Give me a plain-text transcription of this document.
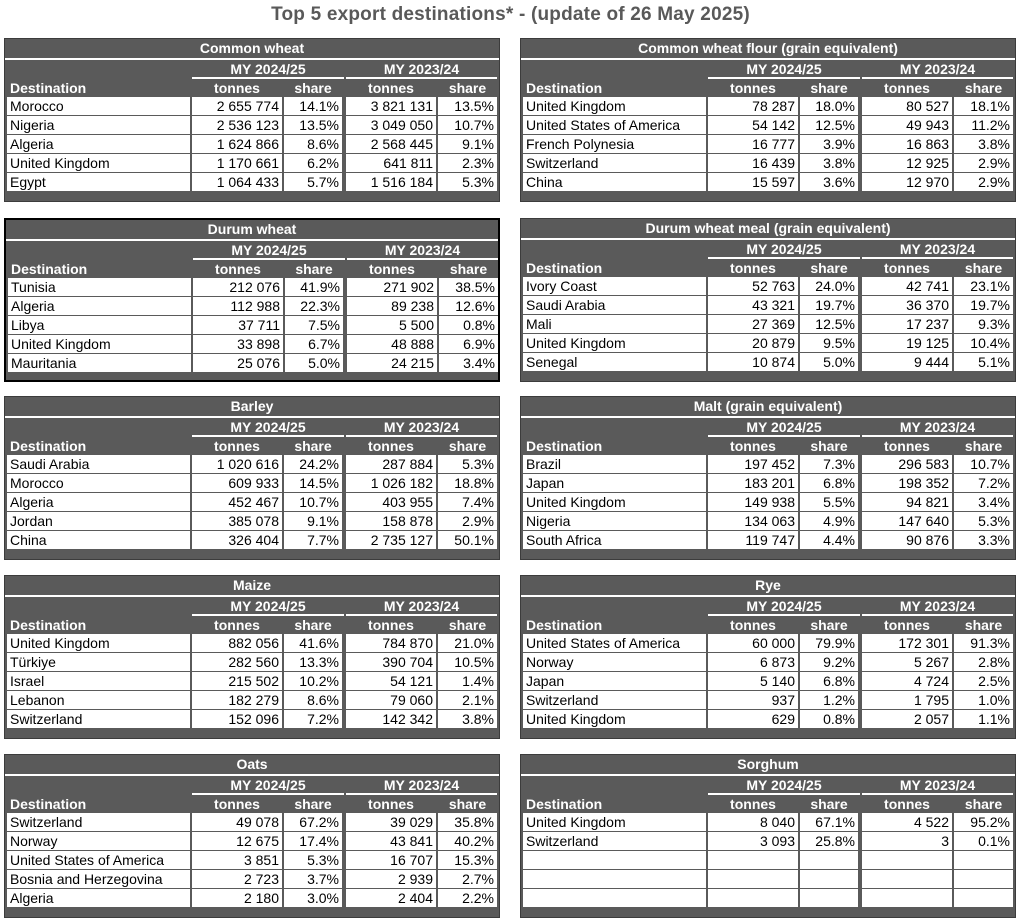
Top 5 export destinations* - (update of 26 May 2025)
Common wheat
MY 2024/25	MY 2023/24
Destination	tonnes	share	tonnes	share
Morocco	2 655 774	14.1%	3 821 131	13.5%
Nigeria	2 536 123	13.5%	3 049 050	10.7%
Algeria	1 624 866	8.6%	2 568 445	9.1%
United Kingdom	1 170 661	6.2%	641 811	2.3%
Egypt	1 064 433	5.7%	1 516 184	5.3%
Common wheat flour (grain equivalent)
MY 2024/25	MY 2023/24
Destination	tonnes	share	tonnes	share
United Kingdom	78 287	18.0%	80 527	18.1%
United States of America	54 142	12.5%	49 943	11.2%
French Polynesia	16 777	3.9%	16 863	3.8%
Switzerland	16 439	3.8%	12 925	2.9%
China	15 597	3.6%	12 970	2.9%
Durum wheat
MY 2024/25	MY 2023/24
Destination	tonnes	share	tonnes	share
Tunisia	212 076	41.9%	271 902	38.5%
Algeria	112 988	22.3%	89 238	12.6%
Libya	37 711	7.5%	5 500	0.8%
United Kingdom	33 898	6.7%	48 888	6.9%
Mauritania	25 076	5.0%	24 215	3.4%
Durum wheat meal (grain equivalent)
MY 2024/25	MY 2023/24
Destination	tonnes	share	tonnes	share
Ivory Coast	52 763	24.0%	42 741	23.1%
Saudi Arabia	43 321	19.7%	36 370	19.7%
Mali	27 369	12.5%	17 237	9.3%
United Kingdom	20 879	9.5%	19 125	10.4%
Senegal	10 874	5.0%	9 444	5.1%
Barley
MY 2024/25	MY 2023/24
Destination	tonnes	share	tonnes	share
Saudi Arabia	1 020 616	24.2%	287 884	5.3%
Morocco	609 933	14.5%	1 026 182	18.8%
Algeria	452 467	10.7%	403 955	7.4%
Jordan	385 078	9.1%	158 878	2.9%
China	326 404	7.7%	2 735 127	50.1%
Malt (grain equivalent)
MY 2024/25	MY 2023/24
Destination	tonnes	share	tonnes	share
Brazil	197 452	7.3%	296 583	10.7%
Japan	183 201	6.8%	198 352	7.2%
United Kingdom	149 938	5.5%	94 821	3.4%
Nigeria	134 063	4.9%	147 640	5.3%
South Africa	119 747	4.4%	90 876	3.3%
Maize
MY 2024/25	MY 2023/24
Destination	tonnes	share	tonnes	share
United Kingdom	882 056	41.6%	784 870	21.0%
Türkiye	282 560	13.3%	390 704	10.5%
Israel	215 502	10.2%	54 121	1.4%
Lebanon	182 279	8.6%	79 060	2.1%
Switzerland	152 096	7.2%	142 342	3.8%
Rye
MY 2024/25	MY 2023/24
Destination	tonnes	share	tonnes	share
United States of America	60 000	79.9%	172 301	91.3%
Norway	6 873	9.2%	5 267	2.8%
Japan	5 140	6.8%	4 724	2.5%
Switzerland	937	1.2%	1 795	1.0%
United Kingdom	629	0.8%	2 057	1.1%
Oats
MY 2024/25	MY 2023/24
Destination	tonnes	share	tonnes	share
Switzerland	49 078	67.2%	39 029	35.8%
Norway	12 675	17.4%	43 841	40.2%
United States of America	3 851	5.3%	16 707	15.3%
Bosnia and Herzegovina	2 723	3.7%	2 939	2.7%
Algeria	2 180	3.0%	2 404	2.2%
Sorghum
MY 2024/25	MY 2023/24
Destination	tonnes	share	tonnes	share
United Kingdom	8 040	67.1%	4 522	95.2%
Switzerland	3 093	25.8%	3	0.1%
